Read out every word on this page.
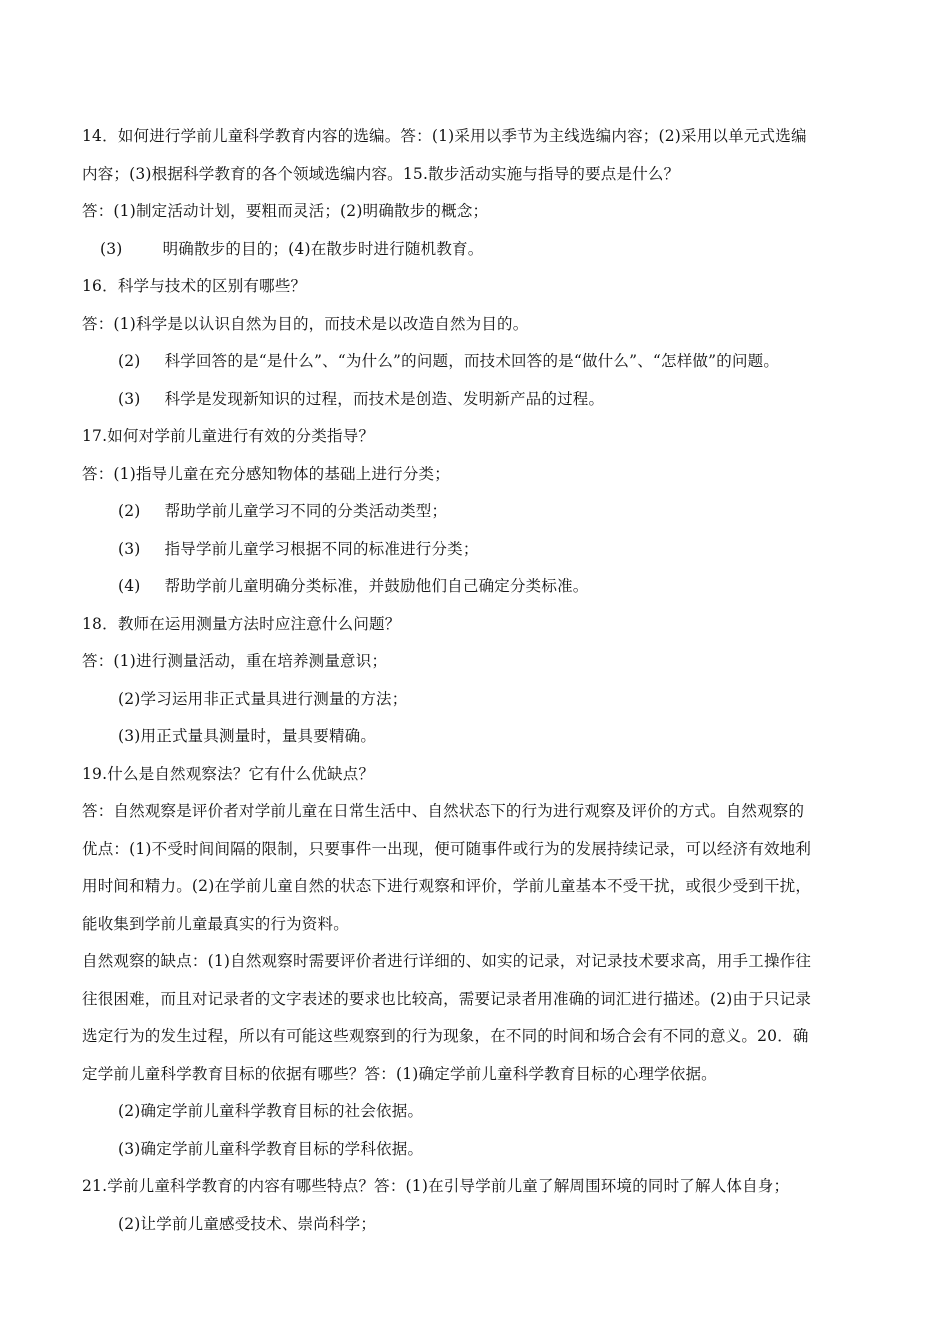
14．如何进行学前儿童科学教育内容的选编。答：(1)采用以季节为主线选编内容；(2)采用以单元式选编
内容；(3)根据科学教育的各个领域选编内容。15.散步活动实施与指导的要点是什么？
答：(1)制定活动计划，要粗而灵活；(2)明确散步的概念；
(3)	明确散步的目的；(4)在散步时进行随机教育。
16．科学与技术的区别有哪些？
答：(1)科学是以认识自然为目的，而技术是以改造自然为目的。
(2) 科学回答的是“是什么”、“为什么”的问题，而技术回答的是“做什么”、“怎样做”的问题。
(3) 科学是发现新知识的过程，而技术是创造、发明新产品的过程。
17.如何对学前儿童进行有效的分类指导？
答：(1)指导儿童在充分感知物体的基础上进行分类；
(2) 帮助学前儿童学习不同的分类活动类型；
(3) 指导学前儿童学习根据不同的标准进行分类；
(4) 帮助学前儿童明确分类标准，并鼓励他们自己确定分类标准。
18．教师在运用测量方法时应注意什么问题？
答：(1)进行测量活动，重在培养测量意识；
(2)学习运用非正式量具进行测量的方法；
(3)用正式量具测量时，量具要精确。
19.什么是自然观察法？它有什么优缺点？
答：自然观察是评价者对学前儿童在日常生活中、自然状态下的行为进行观察及评价的方式。自然观察的
优点：(1)不受时间间隔的限制，只要事件一出现，便可随事件或行为的发展持续记录，可以经济有效地利
用时间和精力。(2)在学前儿童自然的状态下进行观察和评价，学前儿童基本不受干扰，或很少受到干扰，
能收集到学前儿童最真实的行为资料。
自然观察的缺点：(1)自然观察时需要评价者进行详细的、如实的记录，对记录技术要求高，用手工操作往
往很困难，而且对记录者的文字表述的要求也比较高，需要记录者用准确的词汇进行描述。(2)由于只记录
选定行为的发生过程，所以有可能这些观察到的行为现象，在不同的时间和场合会有不同的意义。20．确
定学前儿童科学教育目标的依据有哪些？答：(1)确定学前儿童科学教育目标的心理学依据。
(2)确定学前儿童科学教育目标的社会依据。
(3)确定学前儿童科学教育目标的学科依据。
21.学前儿童科学教育的内容有哪些特点？答：(1)在引导学前儿童了解周围环境的同时了解人体自身；
(2)让学前儿童感受技术、崇尚科学；
